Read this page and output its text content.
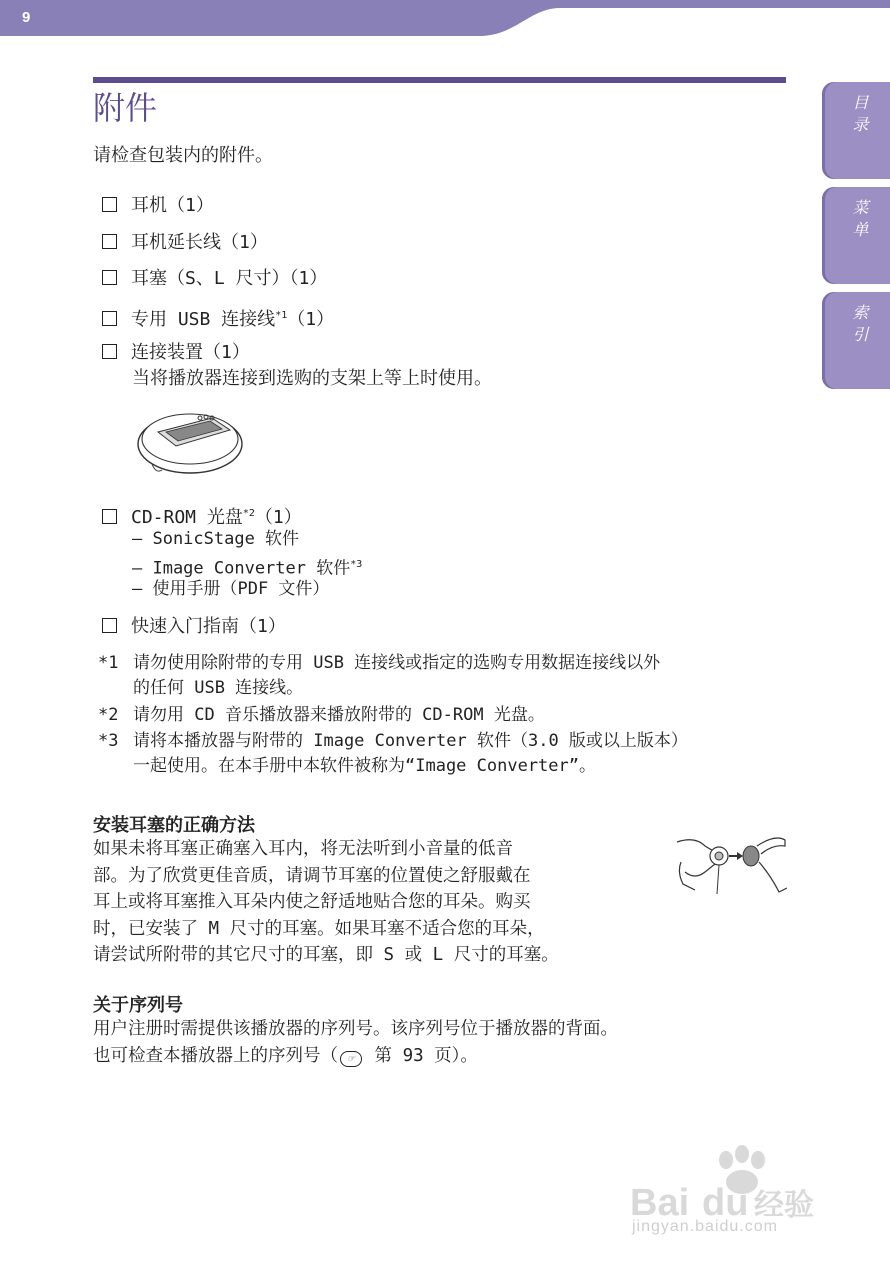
9
目录
菜单
索引
附件
请检查包装内的附件。
耳机（1）
耳机延长线（1）
耳塞（S、L 尺寸）（1）
专用 USB 连接线$^{*1}$（1）
连接装置（1）
当将播放器连接到选购的支架上等上时使用。
CD-ROM 光盘$^{*2}$（1）
— SonicStage 软件
— Image Converter 软件$^{*3}$
— 使用手册（PDF 文件）
快速入门指南（1）
*1 请勿使用除附带的专用 USB 连接线或指定的选购专用数据连接线以外
的任何 USB 连接线。
*2 请勿用 CD 音乐播放器来播放附带的 CD-ROM 光盘。
*3 请将本播放器与附带的 Image Converter 软件（3.0 版或以上版本）
一起使用。在本手册中本软件被称为“Image Converter”。
安装耳塞的正确方法
如果未将耳塞正确塞入耳内，将无法听到小音量的低音
部。为了欣赏更佳音质，请调节耳塞的位置使之舒服戴在
耳上或将耳塞推入耳朵内使之舒适地贴合您的耳朵。购买
时，已安装了 M 尺寸的耳塞。如果耳塞不适合您的耳朵，
请尝试所附带的其它尺寸的耳塞，即 S 或 L 尺寸的耳塞。
关于序列号
用户注册时需提供该播放器的序列号。该序列号位于播放器的背面。
也可检查本播放器上的序列号（ ☞ 第 93 页）。
Bai du 经验
jingyan.baidu.com
